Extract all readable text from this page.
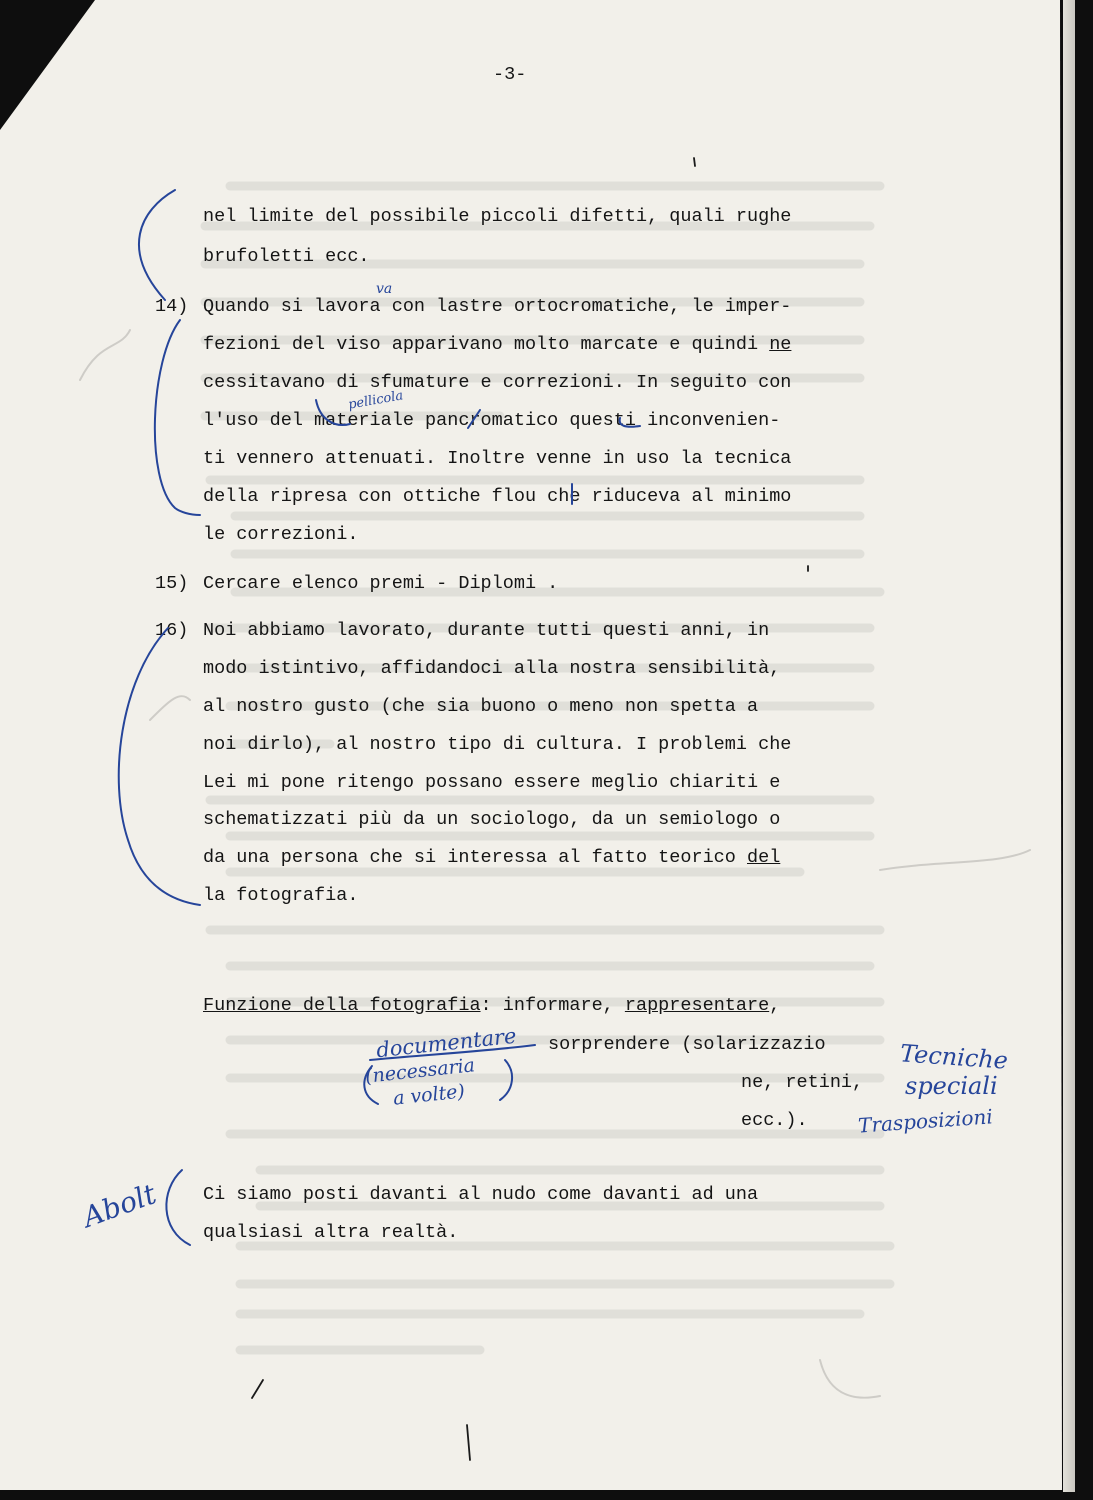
-3-
nel limite del possibile piccoli difetti, quali rughe
brufoletti ecc.
14) Quando si lavora con lastre ortocromatiche, le imper-
fezioni del viso apparivano molto marcate e quindi ne
cessitavano di sfumature e correzioni. In seguito con
l'uso del materiale pancromatico questi inconvenien-
ti vennero attenuati. Inoltre venne in uso la tecnica
della ripresa con ottiche flou che riduceva al minimo
le correzioni.
15) Cercare elenco premi - Diplomi .
16) Noi abbiamo lavorato, durante tutti questi anni, in
modo istintivo, affidandoci alla nostra sensibilità,
al nostro gusto (che sia buono o meno non spetta a
noi dirlo), al nostro tipo di cultura. I problemi che
Lei mi pone ritengo possano essere meglio chiariti e
schematizzati più da un sociologo, da un semiologo o
da una persona che si interessa al fatto teorico del
la fotografia.
Funzione della fotografia: informare, rappresentare,
sorprendere (solarizzazio
ne, retini,
ecc.).
Ci siamo posti davanti al nudo come davanti ad una
qualsiasi altra realtà.
va
pellicola
documentare
(necessaria
a volte)
Tecniche
speciali
Trasposizioni
Abolt
